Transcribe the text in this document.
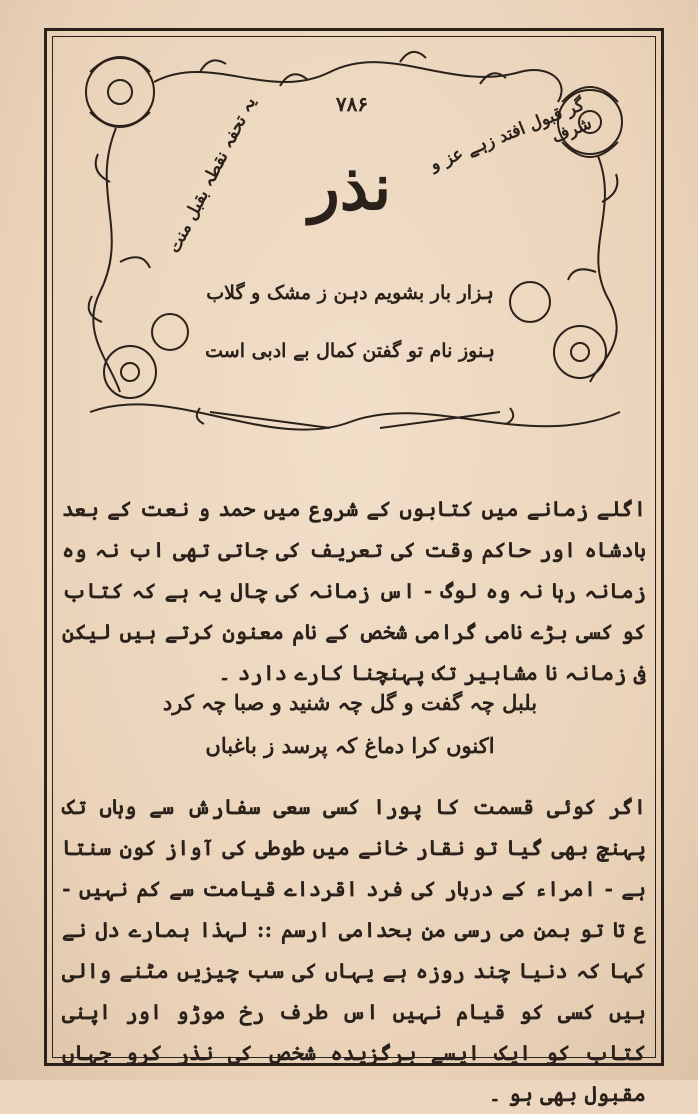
۷۸۶
یہ تحفہ نقطہ بقبل منت	گر قبول افتد زہے عز و شرف
نذر
ہزار بار بشویم دہن ز مشک و گلاب
ہنوز نام تو گفتن کمال بے ادبی است
اگلے زمانے میں کتابوں کے شروع میں حمد و نعت کے بعد بادشاہ اور حاکم وقت کی تعریف کی جاتی تھی اب نہ وہ زمانہ رہا نہ وہ لوگ - اس زمانہ کی چال یہ ہے کہ کتاب کو کسی بڑے نامی گرامی شخص کے نام معنون کرتے ہیں لیکن فی زمانہ نا مشاہیر تک پہنچنا کارے دارد ۔
بلبل چہ گفت و گل چہ شنید و صبا چہ کرد
اکنوں کرا دماغ کہ پرسد ز باغباں
اگر کوئی قسمت کا پورا کسی سعی سفارش سے وہاں تک پہنچ بھی گیا تو نقار خانے میں طوطی کی آواز کون سنتا ہے - امراء کے دربار کی فرد اقرداے قیامت سے کم نہیں - ع تا تو بمن می رسی من بحدامی ارسم :: لہذا ہمارے دل نے کہا کہ دنیا چند روزہ ہے یہاں کی سب چیزیں مٹنے والی ہیں کسی کو قیام نہیں اس طرف رخ موڑو اور اپنی کتاب کو ایک ایسے برگزیدہ شخص کی نذر کرو جہاں مقبول بھی ہو ۔
